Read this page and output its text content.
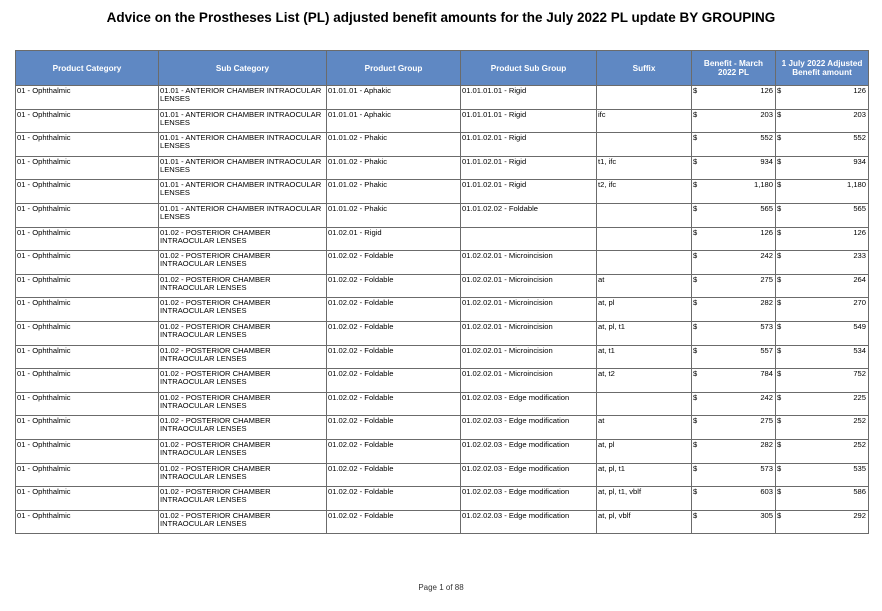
Advice on the Prostheses List (PL) adjusted benefit amounts for the July 2022 PL update BY GROUPING
Product Category	Sub Category	Product Group	Product Sub Group	Suffix	Benefit - March 2022 PL	1 July 2022 Adjusted Benefit amount
01 - Ophthalmic	01.01 - ANTERIOR CHAMBER INTRAOCULAR LENSES	01.01.01 - Aphakic	01.01.01.01 - Rigid		$ 126	$ 126

01 - Ophthalmic	01.01 - ANTERIOR CHAMBER INTRAOCULAR LENSES	01.01.01 - Aphakic	01.01.01.01 - Rigid	ifc	$ 203	$ 203

01 - Ophthalmic	01.01 - ANTERIOR CHAMBER INTRAOCULAR LENSES	01.01.02 - Phakic	01.01.02.01 - Rigid		$ 552	$ 552

01 - Ophthalmic	01.01 - ANTERIOR CHAMBER INTRAOCULAR LENSES	01.01.02 - Phakic	01.01.02.01 - Rigid	t1, ifc	$ 934	$ 934

01 - Ophthalmic	01.01 - ANTERIOR CHAMBER INTRAOCULAR LENSES	01.01.02 - Phakic	01.01.02.01 - Rigid	t2, ifc	$ 1,180	$ 1,180

01 - Ophthalmic	01.01 - ANTERIOR CHAMBER INTRAOCULAR LENSES	01.01.02 - Phakic	01.01.02.02 - Foldable		$ 565	$ 565

01 - Ophthalmic	01.02 - POSTERIOR CHAMBER INTRAOCULAR LENSES	01.02.01 - Rigid			$ 126	$ 126

01 - Ophthalmic	01.02 - POSTERIOR CHAMBER INTRAOCULAR LENSES	01.02.02 - Foldable	01.02.02.01 - Microincision		$ 242	$ 233

01 - Ophthalmic	01.02 - POSTERIOR CHAMBER INTRAOCULAR LENSES	01.02.02 - Foldable	01.02.02.01 - Microincision	at	$ 275	$ 264

01 - Ophthalmic	01.02 - POSTERIOR CHAMBER INTRAOCULAR LENSES	01.02.02 - Foldable	01.02.02.01 - Microincision	at, pl	$ 282	$ 270

01 - Ophthalmic	01.02 - POSTERIOR CHAMBER INTRAOCULAR LENSES	01.02.02 - Foldable	01.02.02.01 - Microincision	at, pl, t1	$ 573	$ 549

01 - Ophthalmic	01.02 - POSTERIOR CHAMBER INTRAOCULAR LENSES	01.02.02 - Foldable	01.02.02.01 - Microincision	at, t1	$ 557	$ 534

01 - Ophthalmic	01.02 - POSTERIOR CHAMBER INTRAOCULAR LENSES	01.02.02 - Foldable	01.02.02.01 - Microincision	at, t2	$ 784	$ 752

01 - Ophthalmic	01.02 - POSTERIOR CHAMBER INTRAOCULAR LENSES	01.02.02 - Foldable	01.02.02.03 - Edge modification		$ 242	$ 225

01 - Ophthalmic	01.02 - POSTERIOR CHAMBER INTRAOCULAR LENSES	01.02.02 - Foldable	01.02.02.03 - Edge modification	at	$ 275	$ 252

01 - Ophthalmic	01.02 - POSTERIOR CHAMBER INTRAOCULAR LENSES	01.02.02 - Foldable	01.02.02.03 - Edge modification	at, pl	$ 282	$ 252

01 - Ophthalmic	01.02 - POSTERIOR CHAMBER INTRAOCULAR LENSES	01.02.02 - Foldable	01.02.02.03 - Edge modification	at, pl, t1	$ 573	$ 535

01 - Ophthalmic	01.02 - POSTERIOR CHAMBER INTRAOCULAR LENSES	01.02.02 - Foldable	01.02.02.03 - Edge modification	at, pl, t1, vblf	$ 603	$ 586

01 - Ophthalmic	01.02 - POSTERIOR CHAMBER INTRAOCULAR LENSES	01.02.02 - Foldable	01.02.02.03 - Edge modification	at, pl, vblf	$ 305	$ 292
Page 1 of 88
